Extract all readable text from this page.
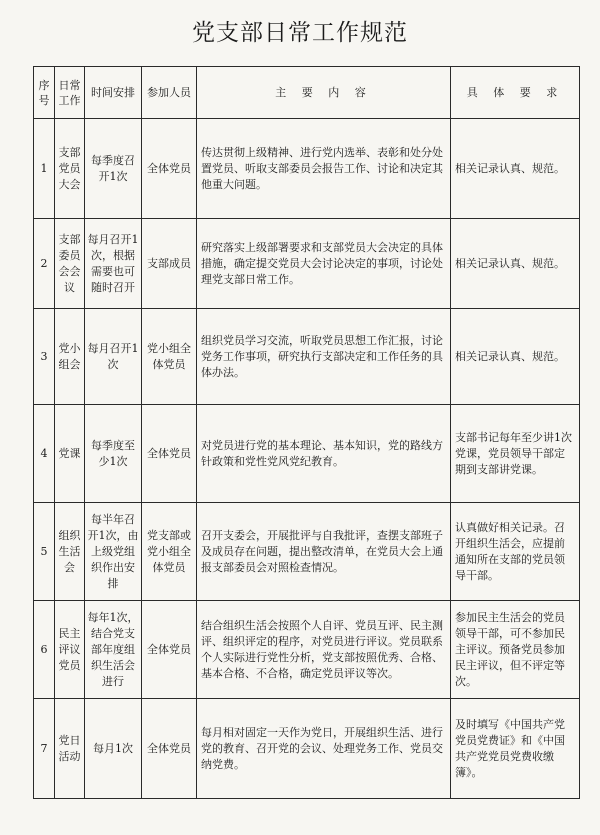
党支部日常工作规范
序号	日常工作	时间安排	参加人员	主 要 内 容	具 体 要 求
1	支部党员大会	每季度召开1次	全体党员	传达贯彻上级精神、进行党内选举、表彰和处分处置党员、听取支部委员会报告工作、讨论和决定其他重大问题。	相关记录认真、规范。
2	支部委员会会议	每月召开1次，根据需要也可随时召开	支部成员	研究落实上级部署要求和支部党员大会决定的具体措施，确定提交党员大会讨论决定的事项，讨论处理党支部日常工作。	相关记录认真、规范。
3	党小组会	每月召开1次	党小组全体党员	组织党员学习交流，听取党员思想工作汇报，讨论党务工作事项，研究执行支部决定和工作任务的具体办法。	相关记录认真、规范。
4	党课	每季度至少1次	全体党员	对党员进行党的基本理论、基本知识，党的路线方针政策和党性党风党纪教育。	支部书记每年至少讲1次党课，党员领导干部定期到支部讲党课。
5	组织生活会	每半年召开1次，由上级党组织作出安排	党支部或党小组全体党员	召开支委会，开展批评与自我批评，查摆支部班子及成员存在问题，提出整改清单，在党员大会上通报支部委员会对照检查情况。	认真做好相关记录。召开组织生活会，应提前通知所在支部的党员领导干部。
6	民主评议党员	每年1次，结合党支部年度组织生活会进行	全体党员	结合组织生活会按照个人自评、党员互评、民主测评、组织评定的程序，对党员进行评议。党员联系个人实际进行党性分析，党支部按照优秀、合格、基本合格、不合格，确定党员评议等次。	参加民主生活会的党员领导干部，可不参加民主评议。预备党员参加民主评议，但不评定等次。
7	党日活动	每月1次	全体党员	每月相对固定一天作为党日，开展组织生活、进行党的教育、召开党的会议、处理党务工作、党员交纳党费。	及时填写《中国共产党党员党费证》和《中国共产党党员党费收缴簿》。
